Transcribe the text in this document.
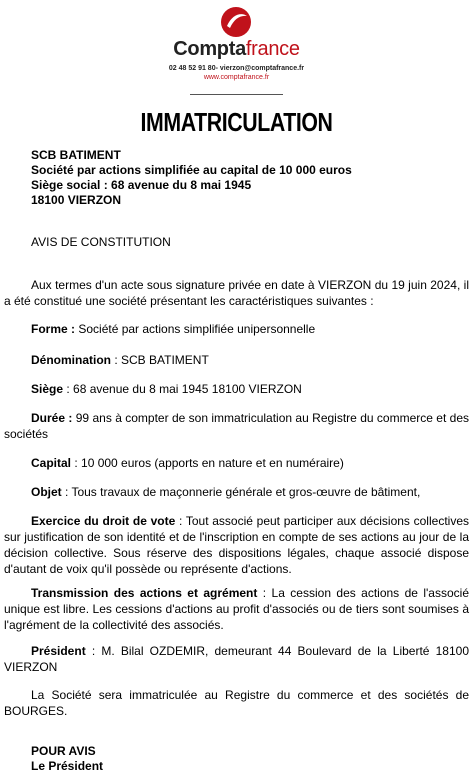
Comptafrance
02 48 52 91 80- vierzon@comptafrance.fr
www.comptafrance.fr
IMMATRICULATION
SCB BATIMENT
Société par actions simplifiée au capital de 10 000 euros
Siège social : 68 avenue du 8 mai 1945
18100 VIERZON
AVIS DE CONSTITUTION
Aux termes d'un acte sous signature privée en date à VIERZON du 19 juin 2024, il a été constitué une société présentant les caractéristiques suivantes :
Forme : Société par actions simplifiée unipersonnelle
Dénomination : SCB BATIMENT
Siège : 68 avenue du 8 mai 1945 18100 VIERZON
Durée : 99 ans à compter de son immatriculation au Registre du commerce et des sociétés
Capital : 10 000 euros (apports en nature et en numéraire)
Objet : Tous travaux de maçonnerie générale et gros-œuvre de bâtiment,
Exercice du droit de vote : Tout associé peut participer aux décisions collectives sur justification de son identité et de l'inscription en compte de ses actions au jour de la décision collective. Sous réserve des dispositions légales, chaque associé dispose d'autant de voix qu'il possède ou représente d'actions.
Transmission des actions et agrément : La cession des actions de l'associé unique est libre. Les cessions d'actions au profit d'associés ou de tiers sont soumises à l'agrément de la collectivité des associés.
Président : M. Bilal OZDEMIR, demeurant 44 Boulevard de la Liberté 18100 VIERZON
La Société sera immatriculée au Registre du commerce et des sociétés de BOURGES.
POUR AVIS
Le Président
